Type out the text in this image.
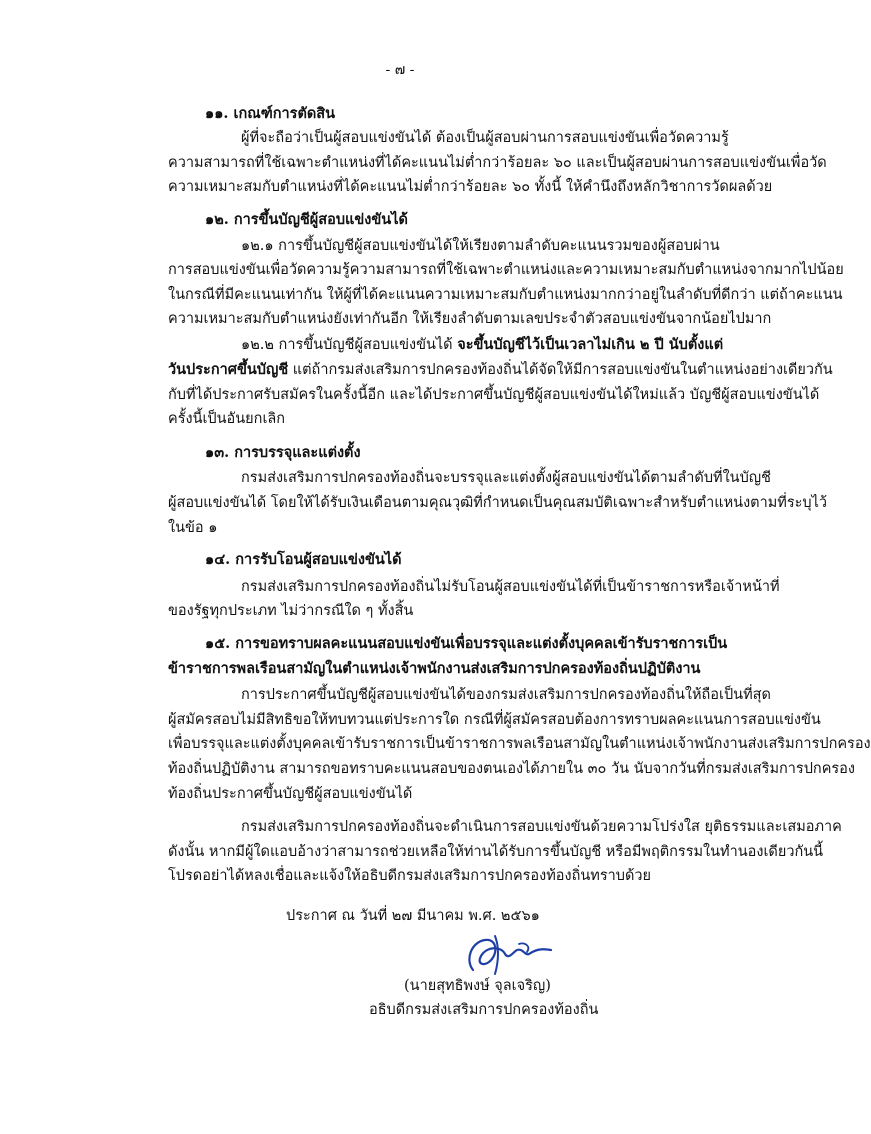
- ๗ -
๑๑. เกณฑ์การตัดสิน
ผู้ที่จะถือว่าเป็นผู้สอบแข่งขันได้ ต้องเป็นผู้สอบผ่านการสอบแข่งขันเพื่อวัดความรู้
ความสามารถที่ใช้เฉพาะตำแหน่งที่ได้คะแนนไม่ต่ำกว่าร้อยละ ๖๐ และเป็นผู้สอบผ่านการสอบแข่งขันเพื่อวัด
ความเหมาะสมกับตำแหน่งที่ได้คะแนนไม่ต่ำกว่าร้อยละ ๖๐ ทั้งนี้ ให้คำนึงถึงหลักวิชาการวัดผลด้วย
๑๒. การขึ้นบัญชีผู้สอบแข่งขันได้
๑๒.๑ การขึ้นบัญชีผู้สอบแข่งขันได้ให้เรียงตามลำดับคะแนนรวมของผู้สอบผ่าน
การสอบแข่งขันเพื่อวัดความรู้ความสามารถที่ใช้เฉพาะตำแหน่งและความเหมาะสมกับตำแหน่งจากมากไปน้อย
ในกรณีที่มีคะแนนเท่ากัน ให้ผู้ที่ได้คะแนนความเหมาะสมกับตำแหน่งมากกว่าอยู่ในลำดับที่ดีกว่า แต่ถ้าคะแนน
ความเหมาะสมกับตำแหน่งยังเท่ากันอีก ให้เรียงลำดับตามเลขประจำตัวสอบแข่งขันจากน้อยไปมาก
๑๒.๒ การขึ้นบัญชีผู้สอบแข่งขันได้ จะขึ้นบัญชีไว้เป็นเวลาไม่เกิน ๒ ปี นับตั้งแต่
วันประกาศขึ้นบัญชี แต่ถ้ากรมส่งเสริมการปกครองท้องถิ่นได้จัดให้มีการสอบแข่งขันในตำแหน่งอย่างเดียวกัน
กับที่ได้ประกาศรับสมัครในครั้งนี้อีก และได้ประกาศขึ้นบัญชีผู้สอบแข่งขันได้ใหม่แล้ว บัญชีผู้สอบแข่งขันได้
ครั้งนี้เป็นอันยกเลิก
๑๓. การบรรจุและแต่งตั้ง
กรมส่งเสริมการปกครองท้องถิ่นจะบรรจุและแต่งตั้งผู้สอบแข่งขันได้ตามลำดับที่ในบัญชี
ผู้สอบแข่งขันได้ โดยให้ได้รับเงินเดือนตามคุณวุฒิที่กำหนดเป็นคุณสมบัติเฉพาะสำหรับตำแหน่งตามที่ระบุไว้
ในข้อ ๑
๑๔. การรับโอนผู้สอบแข่งขันได้
กรมส่งเสริมการปกครองท้องถิ่นไม่รับโอนผู้สอบแข่งขันได้ที่เป็นข้าราชการหรือเจ้าหน้าที่
ของรัฐทุกประเภท ไม่ว่ากรณีใด ๆ ทั้งสิ้น
๑๕. การขอทราบผลคะแนนสอบแข่งขันเพื่อบรรจุและแต่งตั้งบุคคลเข้ารับราชการเป็น
ข้าราชการพลเรือนสามัญในตำแหน่งเจ้าพนักงานส่งเสริมการปกครองท้องถิ่นปฏิบัติงาน
การประกาศขึ้นบัญชีผู้สอบแข่งขันได้ของกรมส่งเสริมการปกครองท้องถิ่นให้ถือเป็นที่สุด
ผู้สมัครสอบไม่มีสิทธิขอให้ทบทวนแต่ประการใด กรณีที่ผู้สมัครสอบต้องการทราบผลคะแนนการสอบแข่งขัน
เพื่อบรรจุและแต่งตั้งบุคคลเข้ารับราชการเป็นข้าราชการพลเรือนสามัญในตำแหน่งเจ้าพนักงานส่งเสริมการปกครอง
ท้องถิ่นปฏิบัติงาน สามารถขอทราบคะแนนสอบของตนเองได้ภายใน ๓๐ วัน นับจากวันที่กรมส่งเสริมการปกครอง
ท้องถิ่นประกาศขึ้นบัญชีผู้สอบแข่งขันได้
กรมส่งเสริมการปกครองท้องถิ่นจะดำเนินการสอบแข่งขันด้วยความโปร่งใส ยุติธรรมและเสมอภาค
ดังนั้น หากมีผู้ใดแอบอ้างว่าสามารถช่วยเหลือให้ท่านได้รับการขึ้นบัญชี หรือมีพฤติกรรมในทำนองเดียวกันนี้
โปรดอย่าได้หลงเชื่อและแจ้งให้อธิบดีกรมส่งเสริมการปกครองท้องถิ่นทราบด้วย
ประกาศ ณ วันที่ ๒๗ มีนาคม พ.ศ. ๒๕๖๑
(นายสุทธิพงษ์ จุลเจริญ)
อธิบดีกรมส่งเสริมการปกครองท้องถิ่น
